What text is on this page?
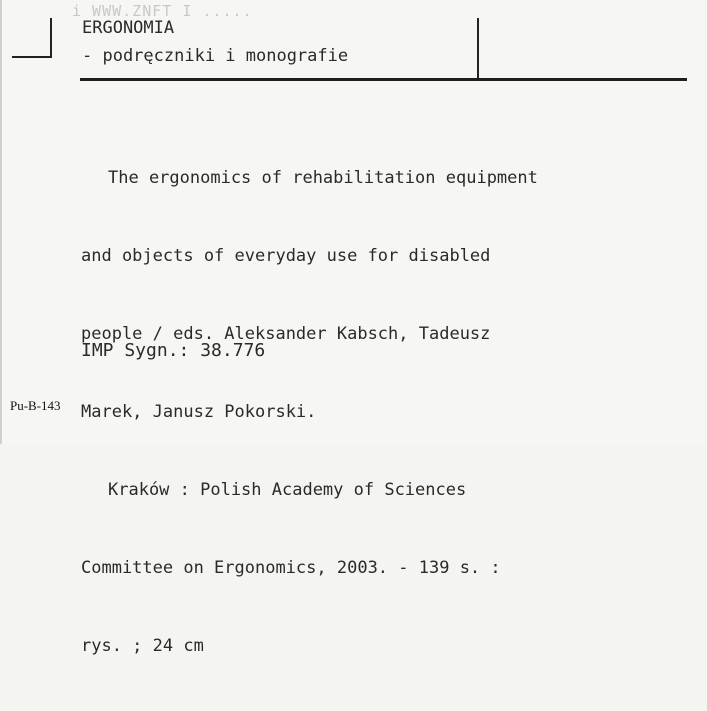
i WWW.ZNFT I .....
ERGONOMIA
- podręczniki i monografie

The ergonomics of rehabilitation equipment

and objects of everyday use for disabled

people / eds. Aleksander Kabsch, Tadeusz

Marek, Janusz Pokorski.

Kraków : Polish Academy of Sciences

Committee on Ergonomics, 2003. - 139 s. :

rys. ; 24 cm

IMP Sygn.: 38.776
Pu-B-143
